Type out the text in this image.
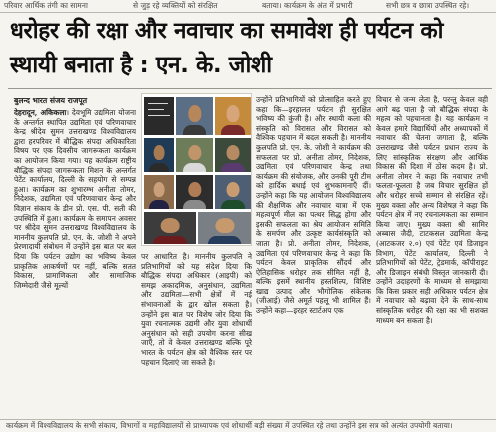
परिवार आर्थिक तंगी का सामना	से जुड़ रहे व्यक्तियों को संरक्षित	बताया। कार्यक्रम के अंत में प्रभारी	सभी छत्र व छात्रा उपस्थित रहे।
धरोहर की रक्षा और नवाचार का समावेश ही पर्यटन को स्थायी बनाता है : एन. के. जोशी
बुलन्द भारत संजय राजपूत

देहरादून, अकिकला। देवभूमि उद्यमिता योजना के अन्तर्गत स्थापित उद्यमिता एवं परिणवाचार केन्द्र श्रीदेव सुमन उत्तराखण्ड विश्वविद्यालय द्वारा हरपरिवर में बौद्धिक संपदा अधिकारिता विषय पर एक दिवसीय जागरूकता कार्यक्रम का आयोजन किया गया। यह कार्यक्रम राष्ट्रीय बौद्धिक संपदा जागरूकता मिशन के अन्तर्गत पेटेंट कार्यालय, दिल्ली के सहयोग से सम्पन्न हुआ। कार्यक्रम का शुभारम्भ अनीता तोमर, निदेशक, उद्यमिता एवं परिणवाचार केन्द्र और विज्ञान संकाय के डीन प्रो. एस. पी. सती की उपस्थिति में हुआ। कार्यक्रम के समापन अवसर पर श्रीदेव सुमन उत्तराखण्ड विश्वविद्यालय के माननीय कुलपति प्रो. एन. के. जोशी ने अपने प्रेरणादायी संबोधन में उन्होंने इस बात पर बल दिया कि पर्यटन उद्योग का भविष्य केवल प्राकृतिक आकर्षणों पर नहीं, बल्कि सतत विकास, प्रामाणिकता और सामाजिक जिम्मेदारी जैसे मूल्यों

पर आधारित है। माननीय कुलपति ने प्रतिभागियों को यह संदेश दिया कि बौद्धिक संपदा अधिकार (आइपी) को समझ अकादमिक, अनुसंधान, उद्यमिता और उद्यमिता—सभी क्षेत्रों में नई संभावनाओं के द्वार खोल सकता है। उन्होंने इस बात पर विशेष जोर दिया कि युवा रचनात्मक उद्यमी और युवा शोधार्थी अनुसंधान को सही उपयोग करना सीख जाएँ, तो वे केवल उत्तराखण्ड बल्कि पूरे भारत के पर्यटन क्षेत्र को वैश्विक स्तर पर पहचान दिलाएं जा सकते है।

उन्होंने प्रतिभागियों को प्रोत्साहित करते हुए कहा कि—इरहालत पर्यटन ही सुरक्षित भविष्य की कुंजी है। और स्थायी कला की संस्कृति को विरासत और विरासत को वैश्विक पहचान में बदल सकती है। माननीय कुलपति प्रो. एन. के. जोशी ने कार्यक्रम की सफलता पर प्रो. अनीता तोमर, निदेशक, उद्यमिता एवं परिणवाचार केन्द्र तथा कार्यक्रम की संयोजक, और उनकी पूरी टीम को हार्दिक बधाई एवं शुभकामनाएँ दीं। उन्होंने कहा कि यह आयोजन विश्वविद्यालय की शैक्षणिक और नवाचार यात्रा में एक महत्वपूर्ण मील का पत्थर सिद्ध होगा और इसकी सफलता का श्रेय आयोजन समिति के समर्पण और उत्कृष्ट कार्यसंस्कृति को जाता है। प्रो. अनीता तोमर, निदेशक, उद्यमिता एवं परिणवाचार केन्द्र ने कहा कि पर्यटन केवल प्राकृतिक सौंदर्य और ऐतिहासिक धरोहर तक सीमित नहीं है, बल्कि इसमें स्थानीय हस्तशिल्प, विशिष्ट खाद्य उत्पाद और भौगोलिक संकेतक (जीआई) जैसे अमूर्त पहलू भी शामिल हैं। उन्होंने कहा—इरहर स्टार्टअप एक

विचार से जन्म लेता है, परन्तु केवल वही आगे बढ़ पाता है जो बौद्धिक संपदा के महत्व को पहचानता है। यह कार्यक्रम न केवल हमारे विद्यार्थियों और अध्यापकों में नवाचार की चेतना जगाता है, बल्कि उत्तराखण्ड जैसे पर्यटन प्रधान राज्य के लिए सांस्कृतिक संरक्षण और आर्थिक विकास की दिशा में ठोस कदम है। प्रो. अनीता तोमर ने कहा कि नवाचार तभी फलता-फूलता है जब विचार सुरक्षित हों और धरोहर सच्चे सम्मान से संरक्षित रहें। मुख्य वक्ता और अन्य विशेषज्ञ ने कहा कि पर्यटन क्षेत्र में नए रचनात्मकता का सम्मान किया जाए। मुख्य वक्ता श्री सामिर अब्बास जैदी, टाटकसल उद्यमिता केन्द्र (आटकजर २.०) एवं पेटेंट एवं डिजाइन विभाग, पेटेंट कार्यालय, दिल्ली ने प्रतिभागियों को पेटेंट, ट्रेडमार्क, कॉपीराइट और डिजाइन संबंधी विस्तृत जानकारी दी। उन्होंने उदाहरणों के माध्यम से समझाया कि किस प्रकार सही अधिकार पर्यटन क्षेत्र में नवाचार को बढ़ावा देने के साथ-साथ सांस्कृतिक धरोहर की रक्षा का भी सशक्त माध्यम बन सकता है।

कार्यक्रम में विश्वविद्यालय के सभी संकाय, विभागों व महाविद्यालयों से प्राध्यापक एवं शोधार्थी बड़ी संख्या में उपस्थित रहे तथा उन्होंने इस सत्र को अत्यंत उपयोगी बताया।
